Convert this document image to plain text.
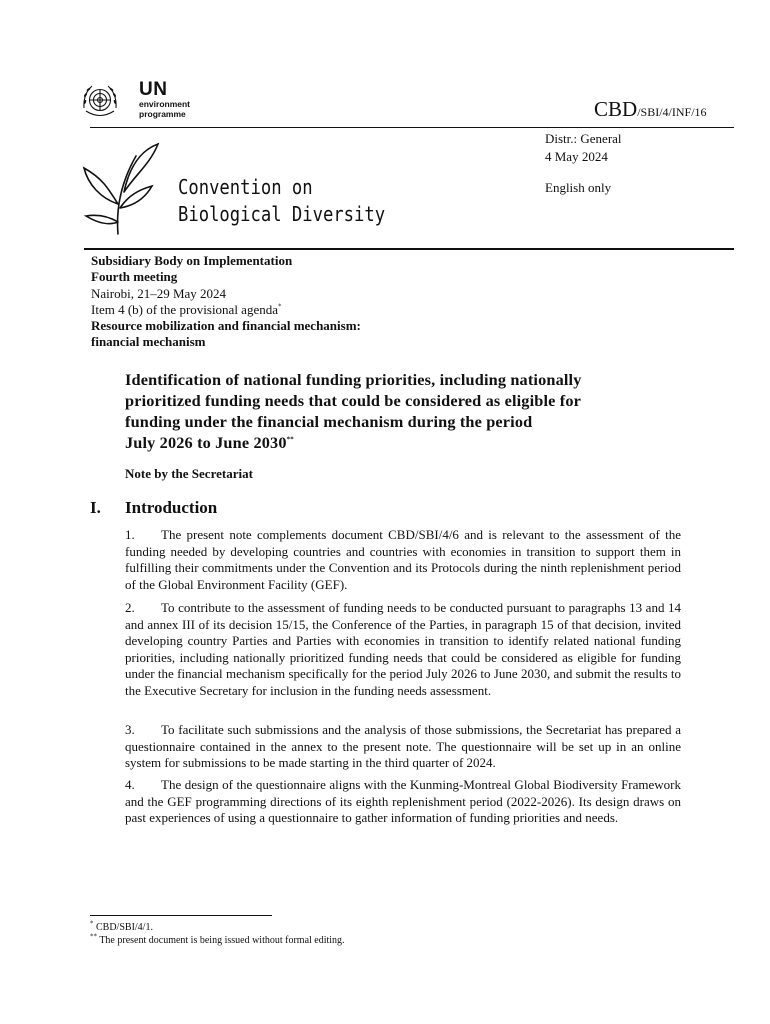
UN
environment
programme	CBD/SBI/4/INF/16
Distr.: General
4 May 2024
English only
Convention on
Biological Diversity
Subsidiary Body on Implementation
Fourth meeting
Nairobi, 21–29 May 2024
Item 4 (b) of the provisional agenda*
Resource mobilization and financial mechanism:
financial mechanism
Identification of national funding priorities, including nationally
prioritized funding needs that could be considered as eligible for
funding under the financial mechanism during the period
July 2026 to June 2030**
Note by the Secretariat
I. Introduction
1. The present note complements document CBD/SBI/4/6 and is relevant to the assessment of the funding needed by developing countries and countries with economies in transition to support them in fulfilling their commitments under the Convention and its Protocols during the ninth replenishment period of the Global Environment Facility (GEF).
2. To contribute to the assessment of funding needs to be conducted pursuant to paragraphs 13 and 14 and annex III of its decision 15/15, the Conference of the Parties, in paragraph 15 of that decision, invited developing country Parties and Parties with economies in transition to identify related national funding priorities, including nationally prioritized funding needs that could be considered as eligible for funding under the financial mechanism specifically for the period July 2026 to June 2030, and submit the results to the Executive Secretary for inclusion in the funding needs assessment.
3. To facilitate such submissions and the analysis of those submissions, the Secretariat has prepared a questionnaire contained in the annex to the present note. The questionnaire will be set up in an online system for submissions to be made starting in the third quarter of 2024.
4. The design of the questionnaire aligns with the Kunming-Montreal Global Biodiversity Framework and the GEF programming directions of its eighth replenishment period (2022-2026). Its design draws on past experiences of using a questionnaire to gather information of funding priorities and needs.
* CBD/SBI/4/1.
** The present document is being issued without formal editing.
